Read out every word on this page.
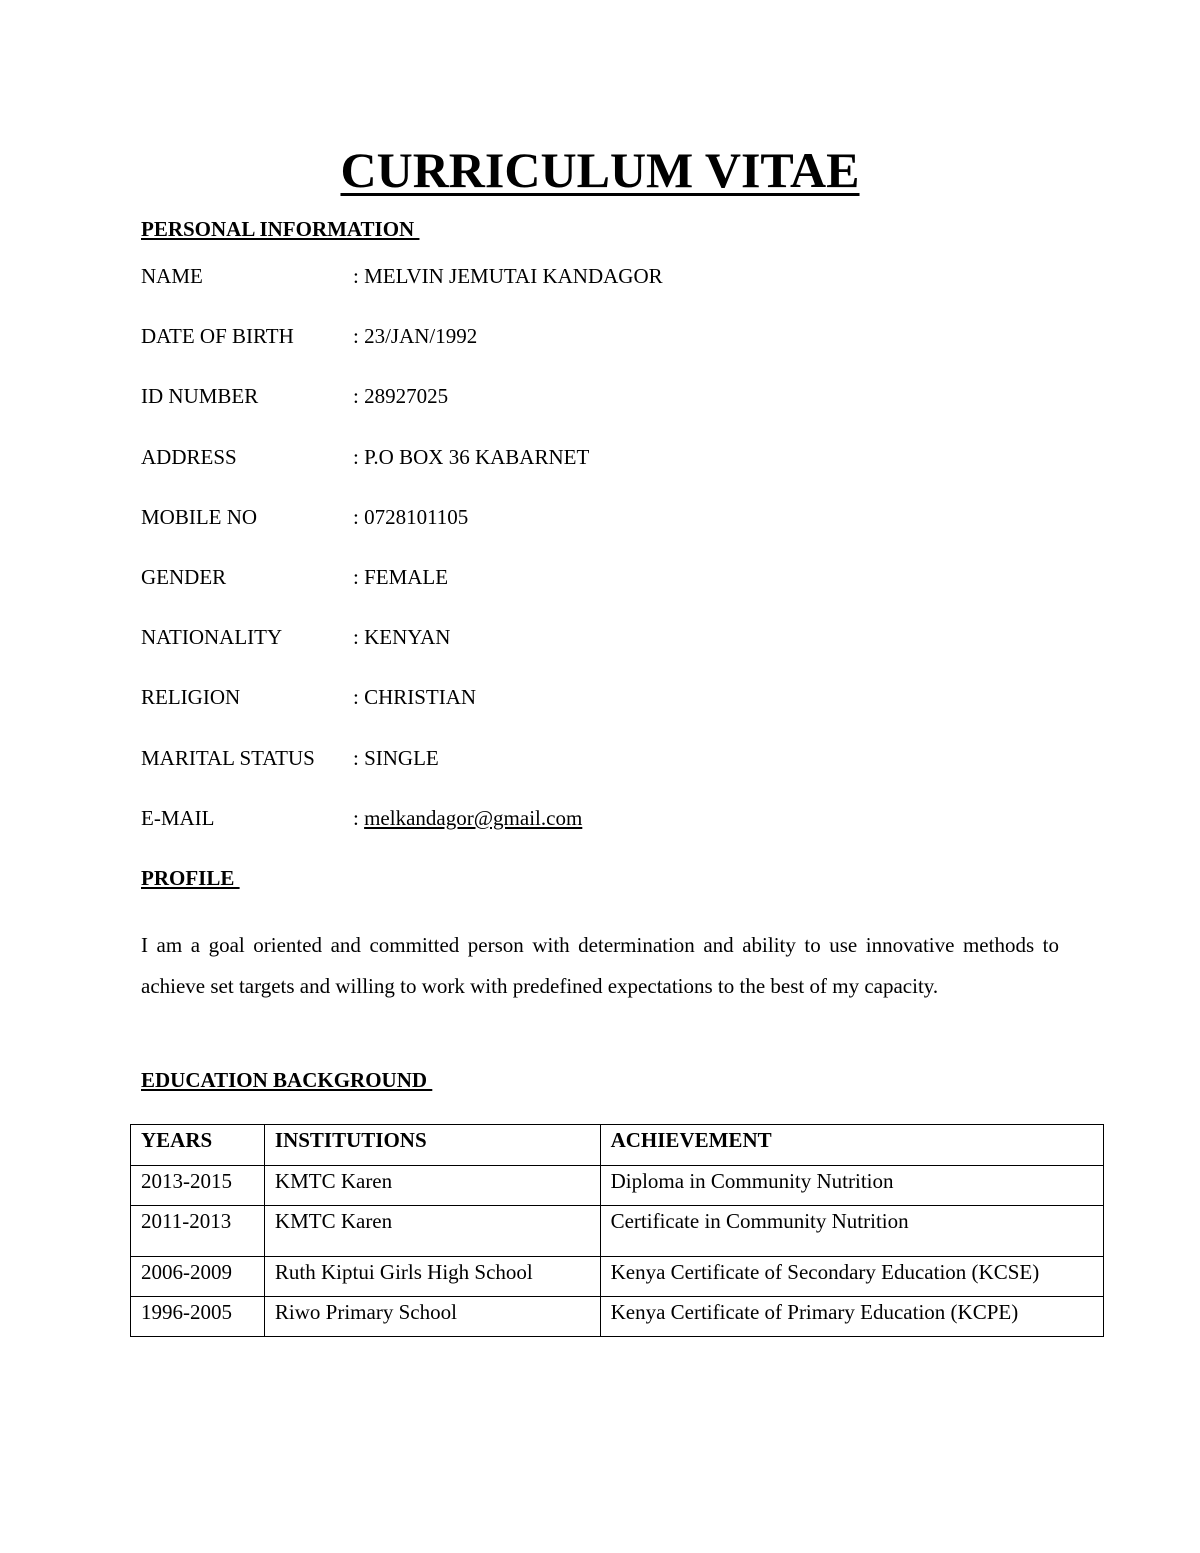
CURRICULUM VITAE
PERSONAL INFORMATION
NAME	: MELVIN JEMUTAI KANDAGOR
DATE OF BIRTH	: 23/JAN/1992
ID NUMBER	: 28927025
ADDRESS	: P.O BOX 36 KABARNET
MOBILE NO	: 0728101105
GENDER	: FEMALE
NATIONALITY	: KENYAN
RELIGION	: CHRISTIAN
MARITAL STATUS : SINGLE
E-MAIL	: melkandagor@gmail.com
PROFILE
I am a goal oriented and committed person with determination and ability to use innovative methods to achieve set targets and willing to work with predefined expectations to the best of my capacity.
EDUCATION BACKGROUND
YEARS	INSTITUTIONS	ACHIEVEMENT
2013-2015	KMTC Karen	Diploma in Community Nutrition
2011-2013	KMTC Karen	Certificate in Community Nutrition
2006-2009	Ruth Kiptui Girls High School	Kenya Certificate of Secondary Education (KCSE)
1996-2005	Riwo Primary School	Kenya Certificate of Primary Education (KCPE)
